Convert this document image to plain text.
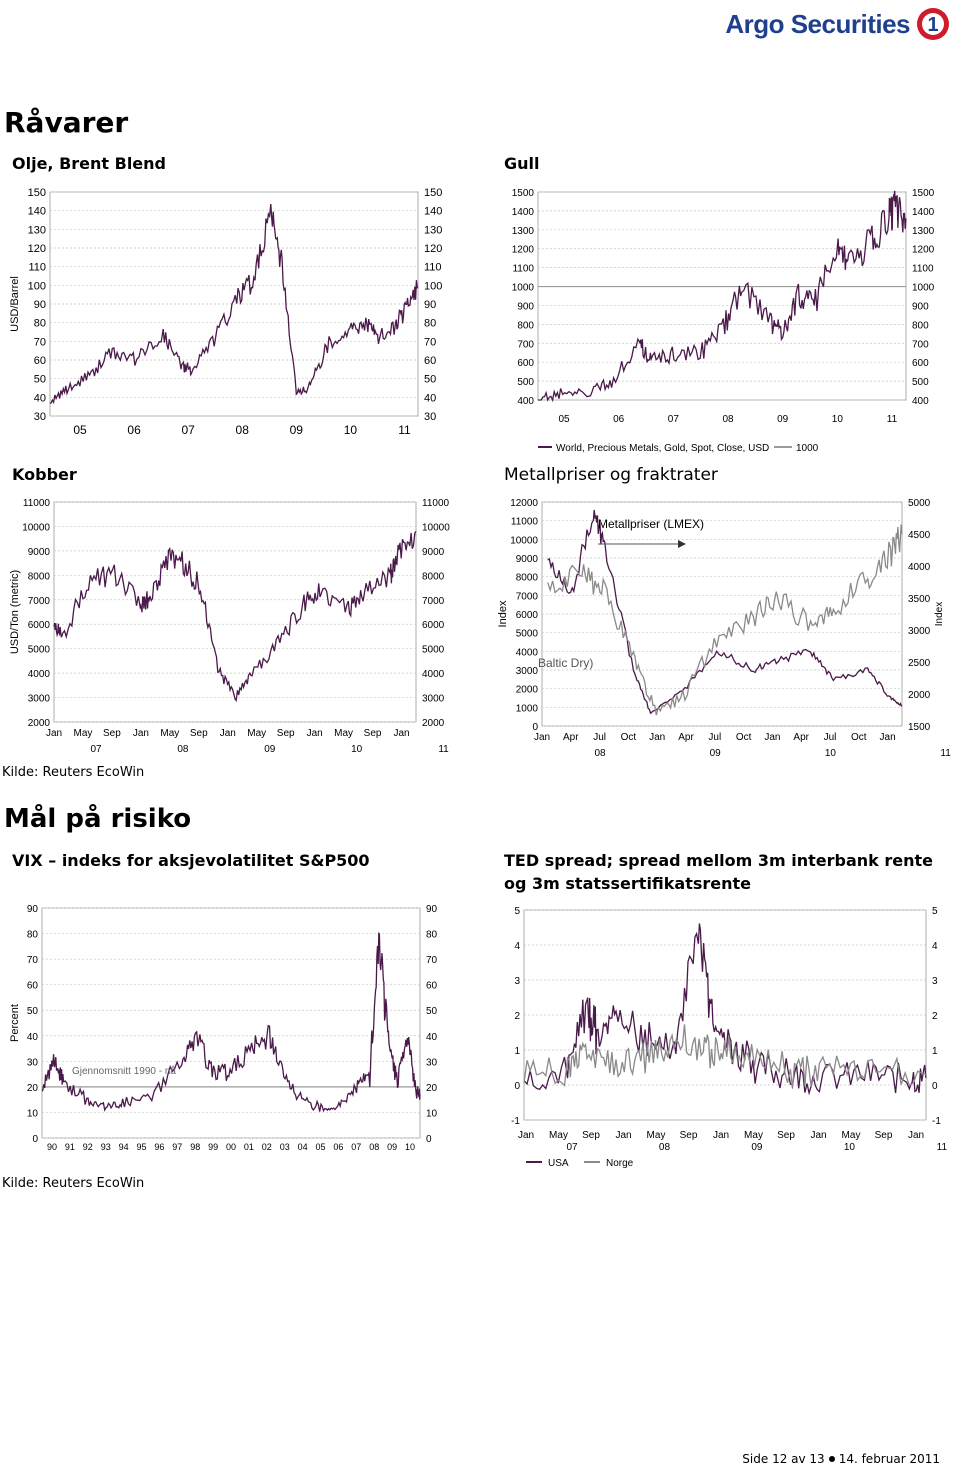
Argo Securities 1
Råvarer
Olje, Brent Blend	Gull
Kobber	Metallpriser og fraktrater
30	30
40	40
50	50
60	60
70	70
80	80
90	90
100	100
110	110
120	120
130	130
140	140
150	150
05	06	07	08	09	10	11
USD/Barrel
400	400
500	500
600	600
700	700
800	800
900	900
1000	1000
1100	1100
1200	1200
1300	1300
1400	1400
1500	1500
05	06	07	08	09	10	11
World, Precious Metals, Gold, Spot, Close, USD	1000
2000	2000
3000	3000
4000	4000
5000	5000
6000	6000
7000	7000
8000	8000
9000	9000
10000	10000
11000	11000
Jan May Sep Jan May Sep Jan May Sep Jan May Sep Jan
07	08	09	10	11
USD/Ton (metric)
0
1000
2000
3000
4000
5000
6000
7000
8000
9000
10000
11000
12000
1500
2000
2500
3000
3500
4000
4500
5000
Jan Apr Jul Oct Jan Apr Jul Oct Jan Apr Jul Oct Jan
08	09	10	11
Index	Index
Metallpriser (LMEX)
Baltic Dry)
Kilde: Reuters EcoWin
Mål på risiko
VIX – indeks for aksjevolatilitet S&P500	TED spread; spread mellom 3m interbank rente
og 3m statssertifikatsrente
0	0
10	10
20	20
30	30
40	40
50	50
60	60
70	70
80	80
90	90
90 91 92 93 94 95 96 97 98 99 00 01 02 03 04 05 06 07 08 09 10
Percent
Gjennomsnitt 1990 - nå
-1	-1
0	0
1	1
2	2
3	3
4	4
5	5
Jan May Sep Jan May Sep Jan May Sep Jan May Sep Jan
07	08	09	10	11
USA	Norge
Kilde: Reuters EcoWin
Side 12 av 13 14. februar 2011
